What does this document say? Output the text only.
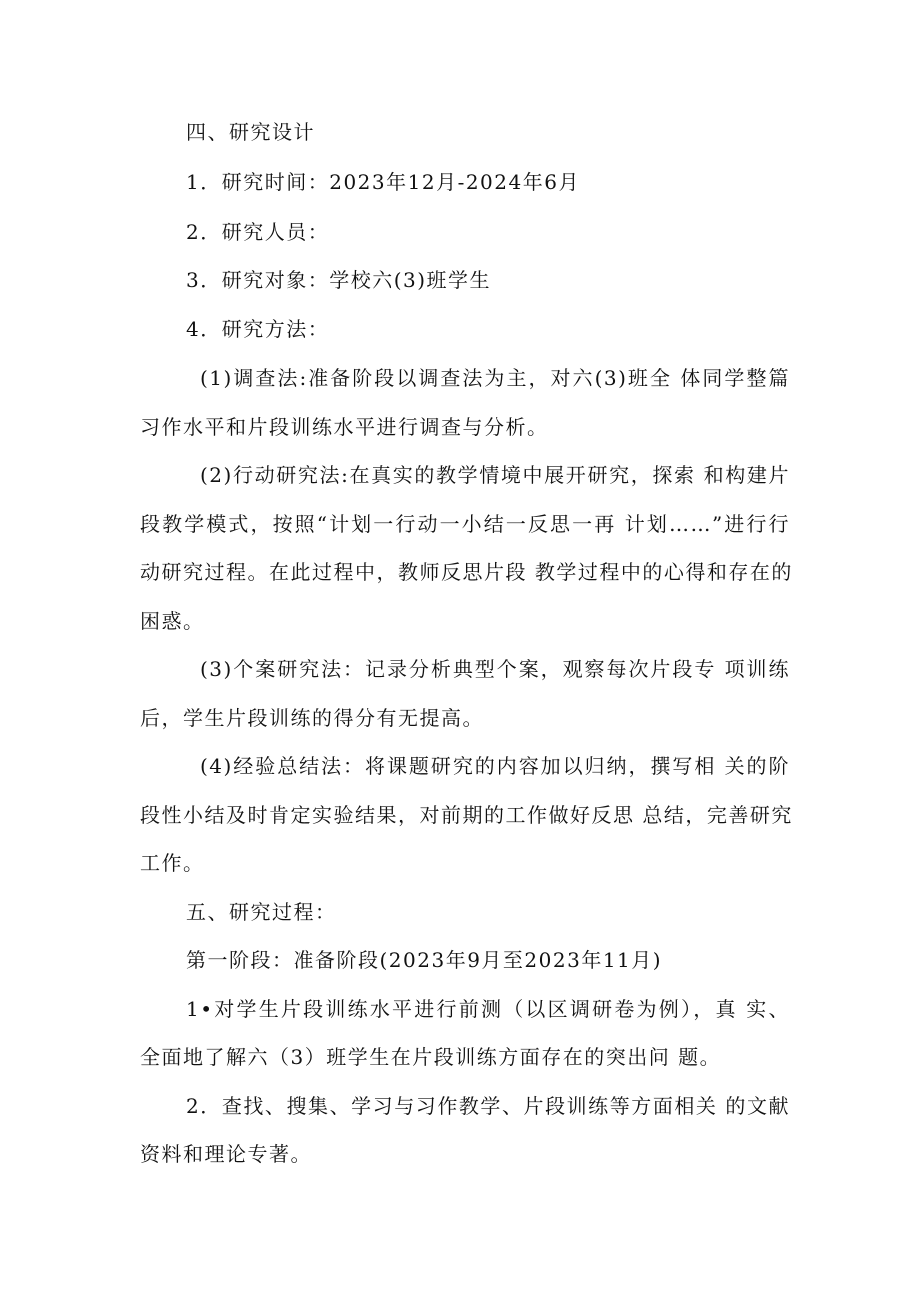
四、研究设计
1．研究时间：2023年12月-2024年6月
2．研究人员：
3．研究对象：学校六(3)班学生
4．研究方法：
(1)调查法:准备阶段以调查法为主，对六(3)班全 体同学整篇
习作水平和片段训练水平进行调查与分析。
(2)行动研究法:在真实的教学情境中展开研究，探索 和构建片
段教学模式，按照“计划一行动一小结一反思一再 计划……”进行行
动研究过程。在此过程中，教师反思片段 教学过程中的心得和存在的
困惑。
(3)个案研究法：记录分析典型个案，观察每次片段专 项训练
后，学生片段训练的得分有无提高。
(4)经验总结法：将课题研究的内容加以归纳，撰写相 关的阶
段性小结及时肯定实验结果，对前期的工作做好反思 总结，完善研究
工作。
五、研究过程：
第一阶段：准备阶段(2023年9月至2023年11月)
1•对学生片段训练水平进行前测（以区调研卷为例），真 实、
全面地了解六（3）班学生在片段训练方面存在的突出问 题。
2．查找、搜集、学习与习作教学、片段训练等方面相关 的文献
资料和理论专著。
